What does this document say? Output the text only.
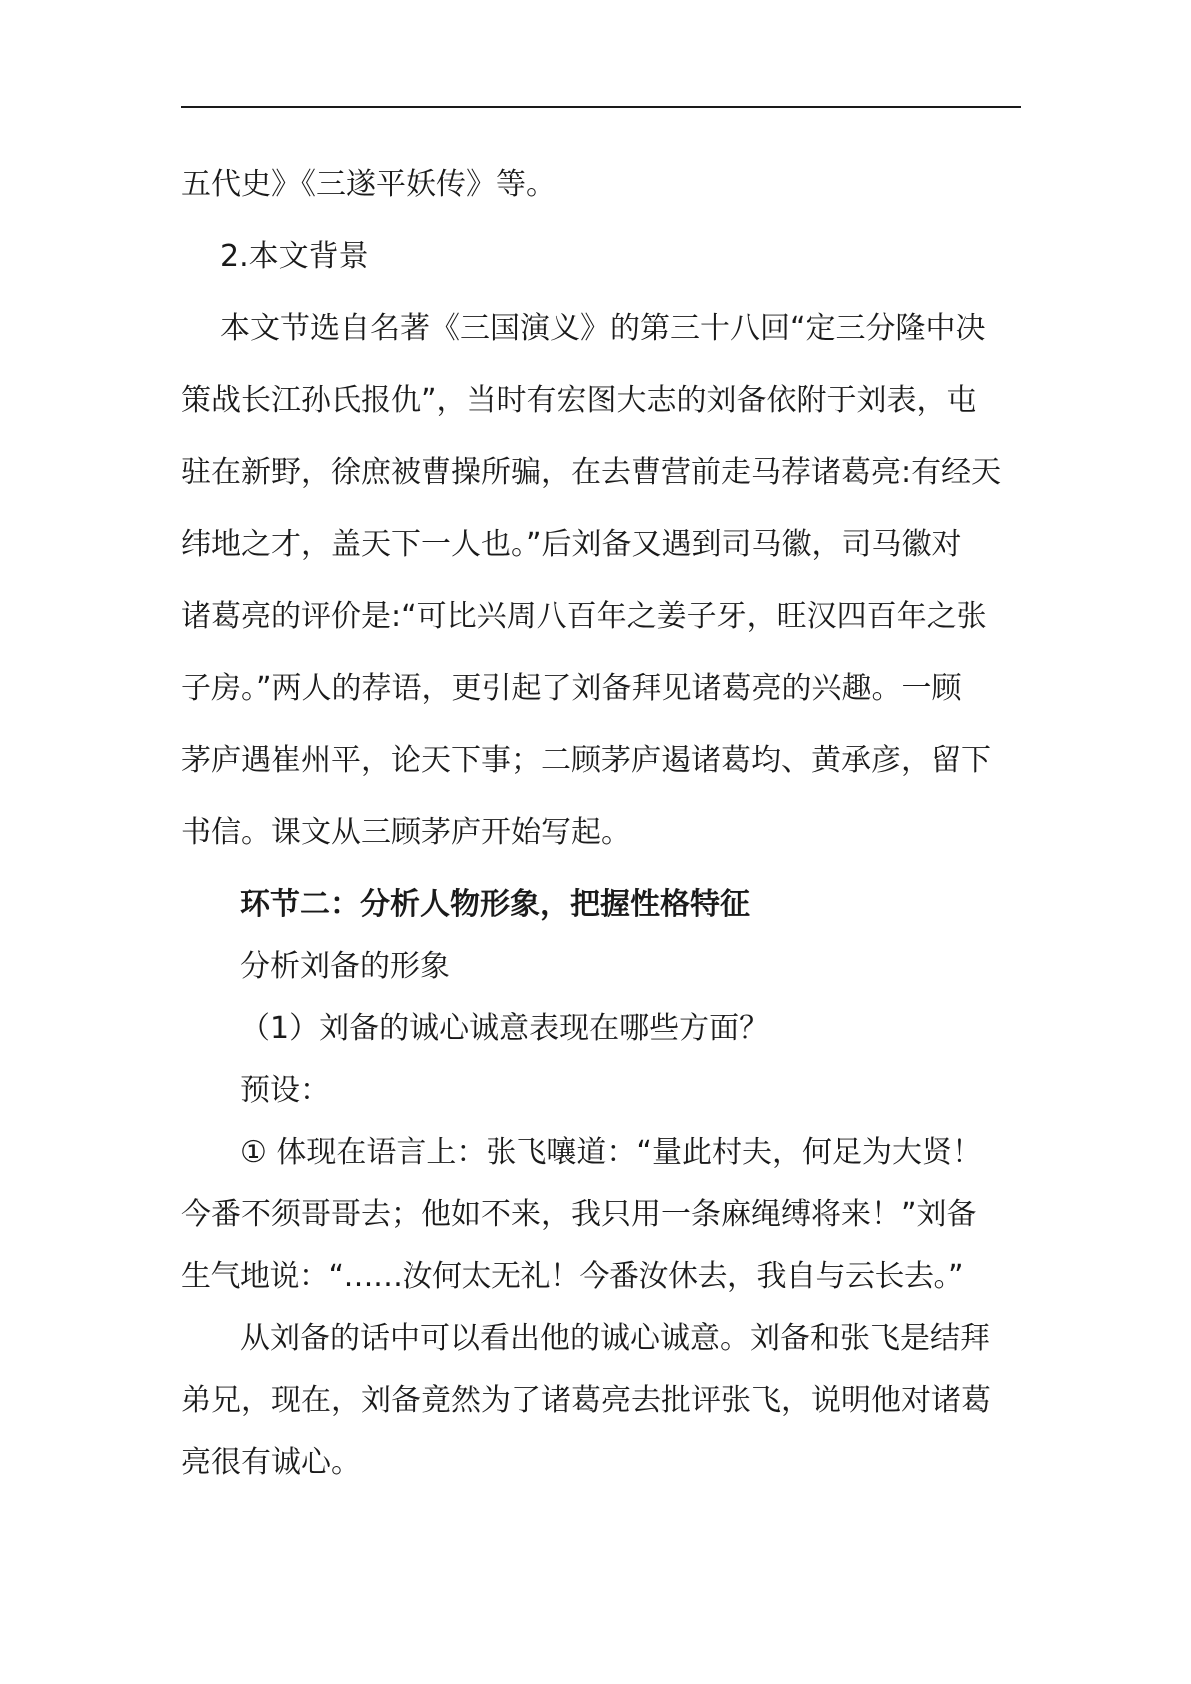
五代史》《三遂平妖传》等。

2.本文背景

本文节选自名著《三国演义》的第三十八回“定三分隆中决

策战长江孙氏报仇”，当时有宏图大志的刘备依附于刘表，屯

驻在新野，徐庶被曹操所骗，在去曹营前走马荐诸葛亮:有经天

纬地之才，盖天下一人也。”后刘备又遇到司马徽，司马徽对

诸葛亮的评价是:“可比兴周八百年之姜子牙，旺汉四百年之张

子房。”两人的荐语，更引起了刘备拜见诸葛亮的兴趣。一顾

茅庐遇崔州平，论天下事；二顾茅庐遏诸葛均、黄承彦，留下

书信。课文从三顾茅庐开始写起。

环节二：分析人物形象，把握性格特征

分析刘备的形象

（1）刘备的诚心诚意表现在哪些方面？

预设：

① 体现在语言上：张飞嚷道：“量此村夫，何足为大贤！

今番不须哥哥去；他如不来，我只用一条麻绳缚将来！”刘备

生气地说：“……汝何太无礼！今番汝休去，我自与云长去。”

从刘备的话中可以看出他的诚心诚意。刘备和张飞是结拜

弟兄，现在，刘备竟然为了诸葛亮去批评张飞，说明他对诸葛

亮很有诚心。
